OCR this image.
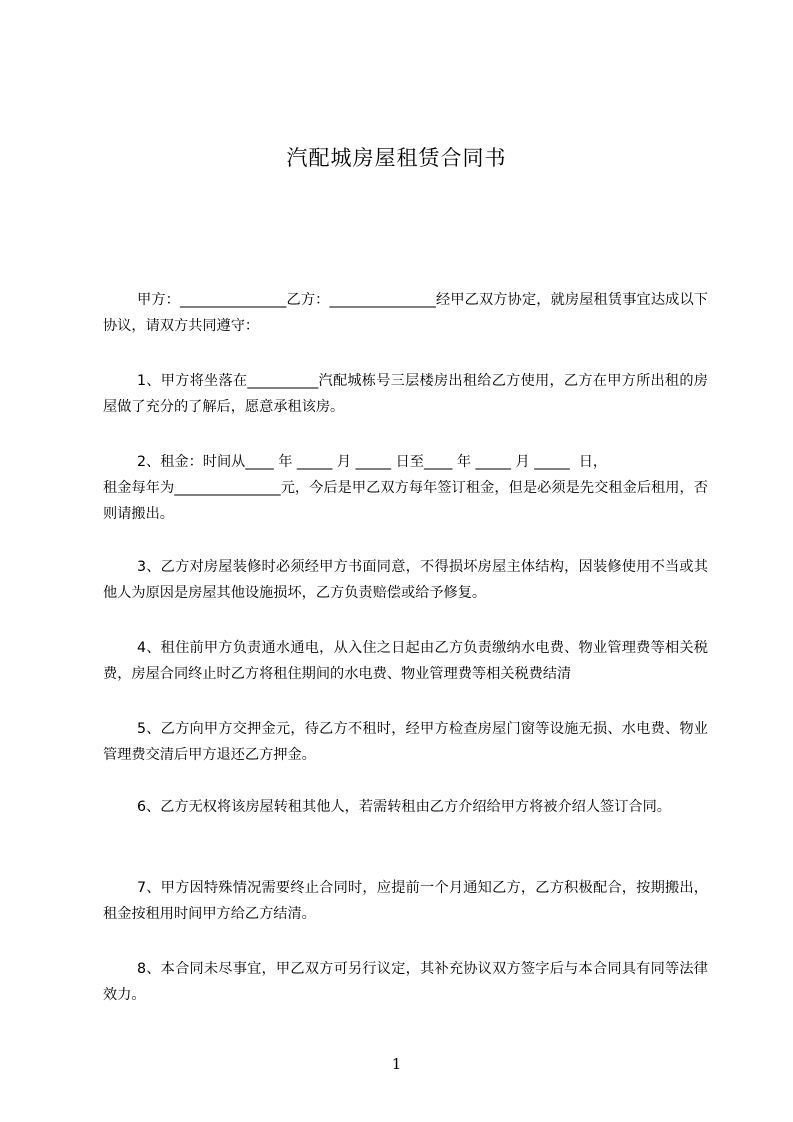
汽配城房屋租赁合同书
甲方：_______________乙方：_______________经甲乙双方协定，就房屋租赁事宜达成以下协议，请双方共同遵守：
1、甲方将坐落在__________汽配城栋号三层楼房出租给乙方使用，乙方在甲方所出租的房屋做了充分的了解后，愿意承租该房。
2、租金：时间从____ 年 _____ 月 _____ 日至____ 年 _____ 月 _____  日，
租金每年为_______________元，今后是甲乙双方每年签订租金，但是必须是先交租金后租用，否则请搬出。
3、乙方对房屋装修时必须经甲方书面同意，不得损坏房屋主体结构，因装修使用不当或其他人为原因是房屋其他设施损坏，乙方负责赔偿或给予修复。
4、租住前甲方负责通水通电，从入住之日起由乙方负责缴纳水电费、物业管理费等相关税费，房屋合同终止时乙方将租住期间的水电费、物业管理费等相关税费结清
5、乙方向甲方交押金元，待乙方不租时，经甲方检查房屋门窗等设施无损、水电费、物业管理费交清后甲方退还乙方押金。
6、乙方无权将该房屋转租其他人，若需转租由乙方介绍给甲方将被介绍人签订合同。
7、甲方因特殊情况需要终止合同时，应提前一个月通知乙方，乙方积极配合，按期搬出，租金按租用时间甲方给乙方结清。
8、本合同未尽事宜，甲乙双方可另行议定，其补充协议双方签字后与本合同具有同等法律效力。
1
